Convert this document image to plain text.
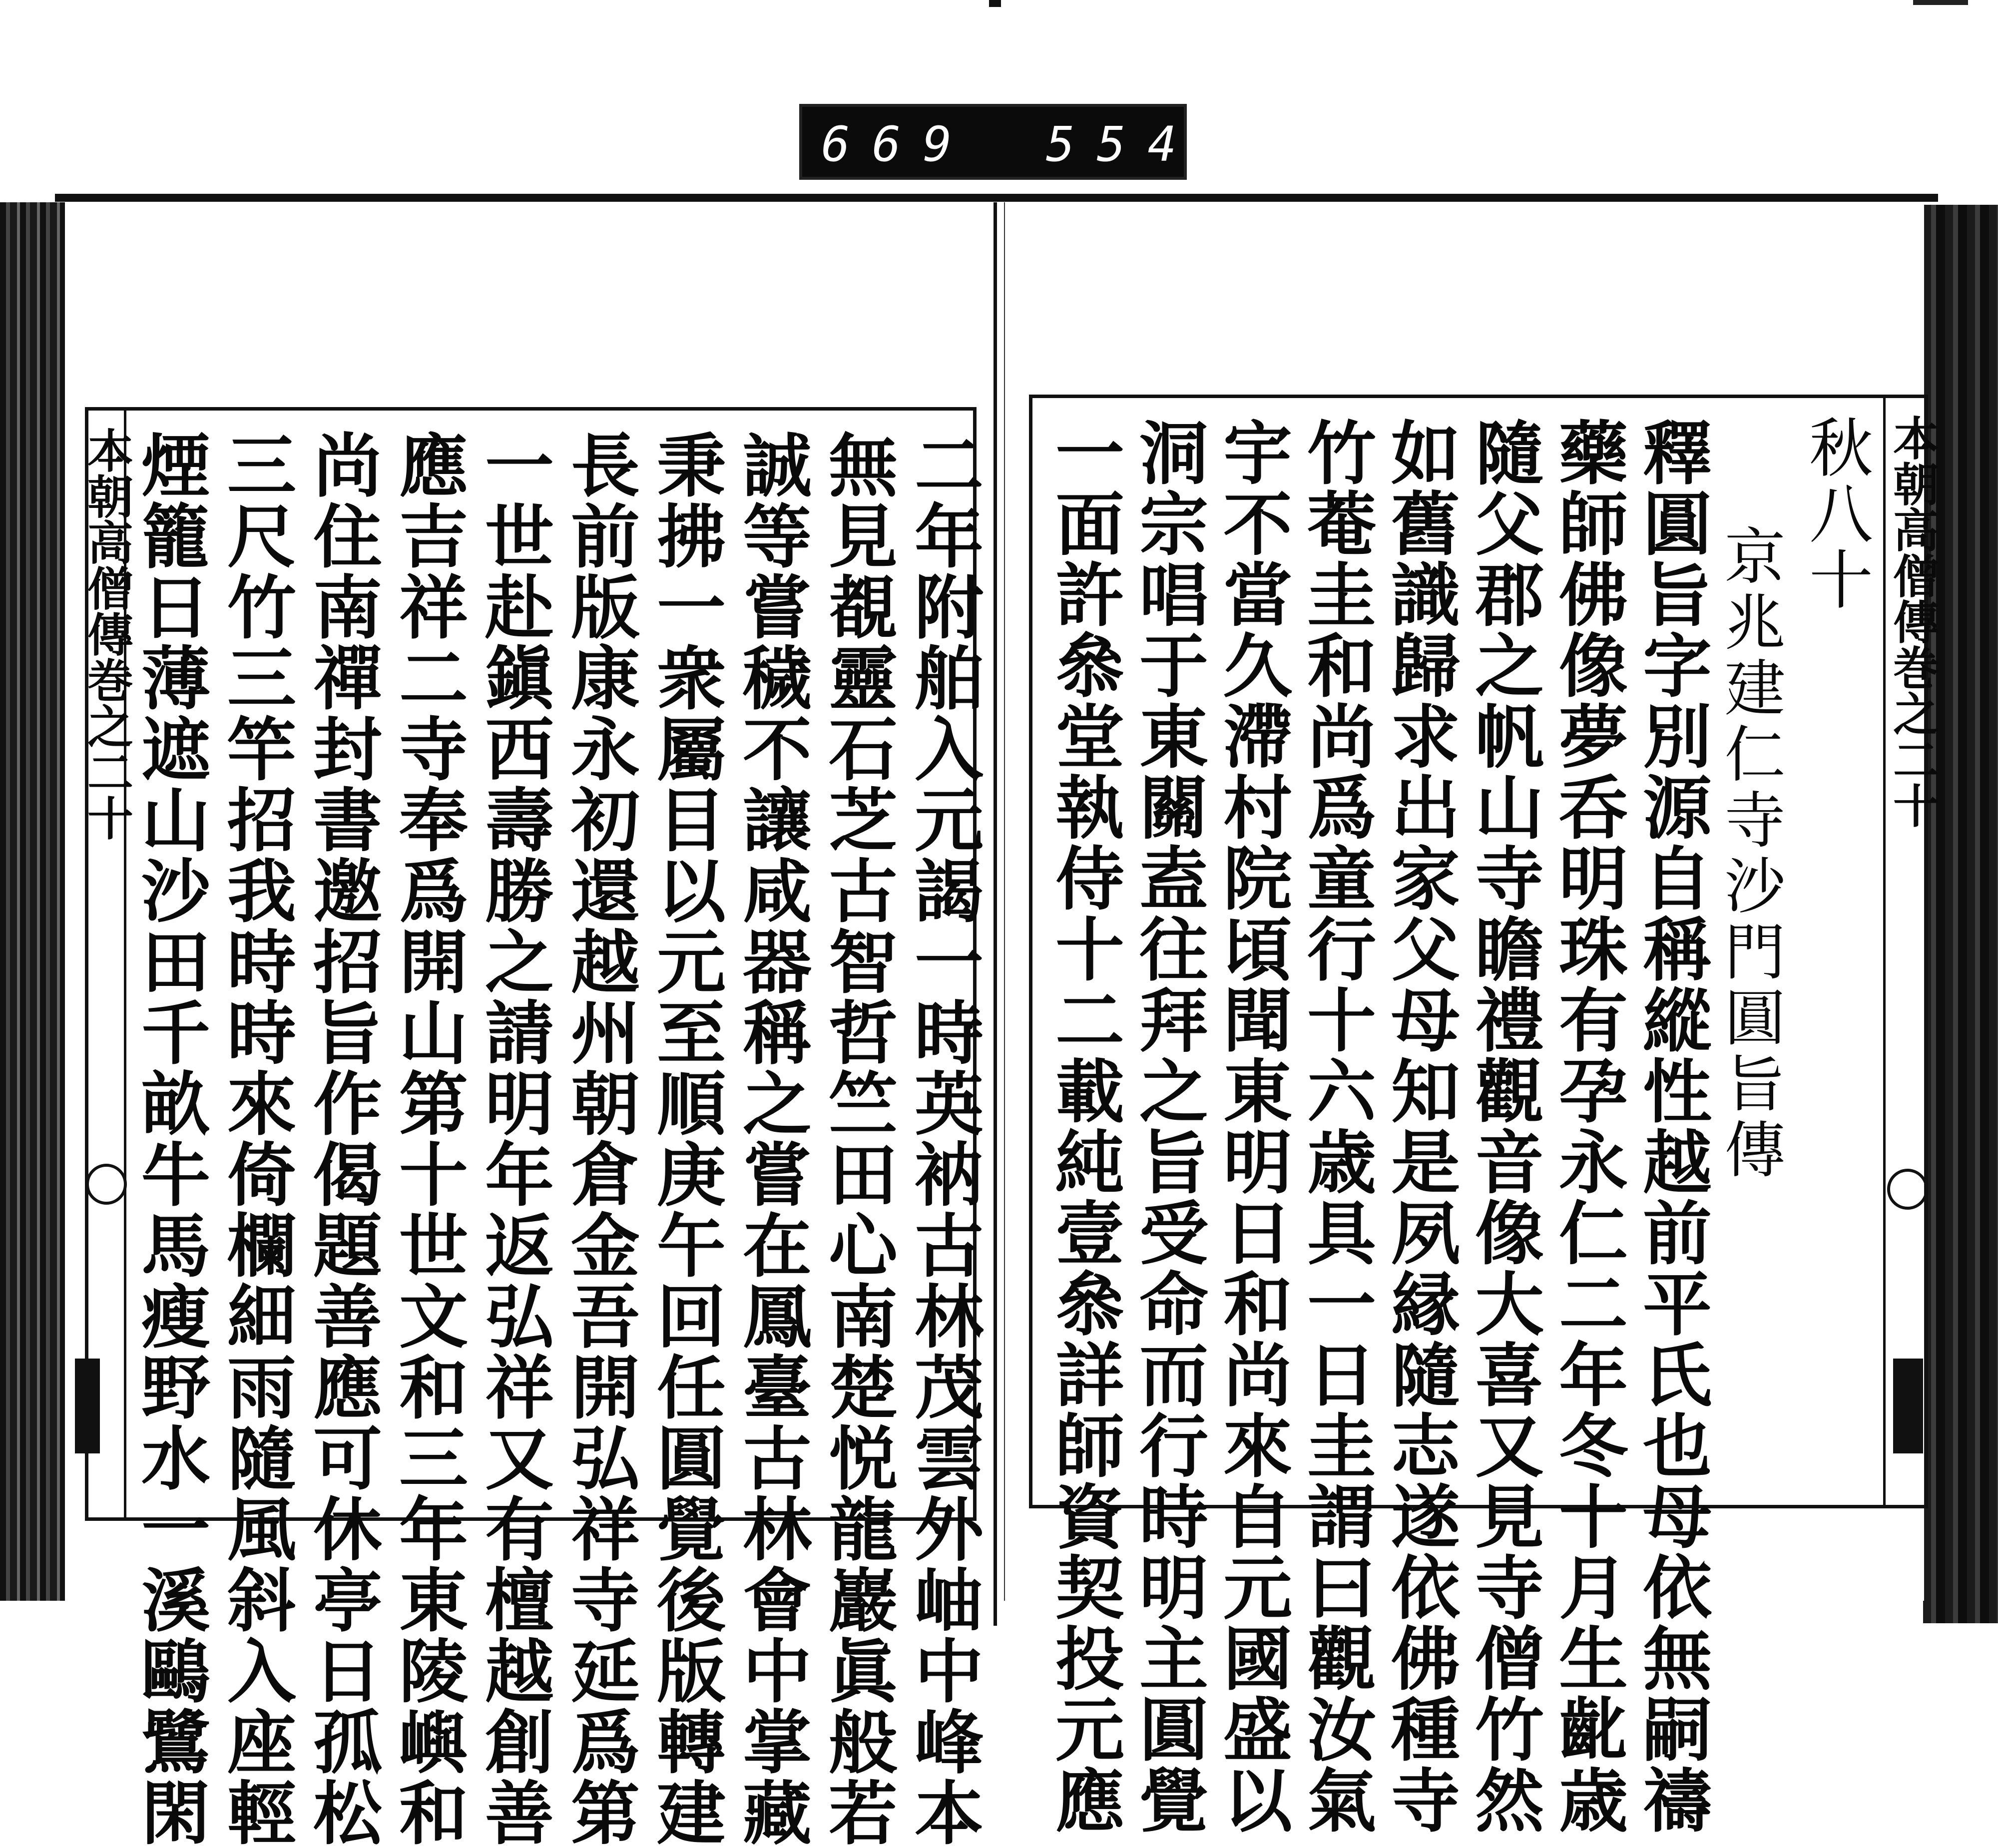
669 554
本朝高僧傳巻之二十	二年附舶入元謁一時英衲古林茂雲外岫中峰本
無見覩靈石芝古智哲竺田心南楚悦龍巖眞般若
誠等嘗穢不讓咸器稱之嘗在鳳臺古林會中掌藏
秉拂一衆屬目以元至順庚午回任圓覺後版轉建
長前版康永初還越州朝倉金吾開弘祥寺延爲第
一世赴鎭西壽勝之請明年返弘祥又有檀越創善
應吉祥二寺奉爲開山第十世文和三年東陵嶼和
尚住南禪封書邀招旨作偈題善應可休亭日孤松
三尺竹三竿招我時時來倚欄細雨隨風斜入座輕
煙籠日薄遮山沙田千畝牛馬瘦野水一溪鷗鷺閑	本朝高僧傳巻之二十
秋八十
京兆建仁寺沙門圓旨傳
釋圓旨字別源自稱縱性越前平氏也母依無嗣禱
藥師佛像夢呑明珠有孕永仁二年冬十月生齔歳
隨父郡之帆山寺瞻禮觀音像大喜又見寺僧竹然
如舊識歸求出家父母知是夙縁隨志遂依佛種寺
竹菴圭和尚爲童行十六歳具一日圭謂曰觀汝氣
宇不當久滯村院頃聞東明日和尚來自元國盛以
洞宗唱于東關盍往拜之旨受命而行時明主圓覺
一面許叅堂執侍十二載純壹叅詳師資契投元應
